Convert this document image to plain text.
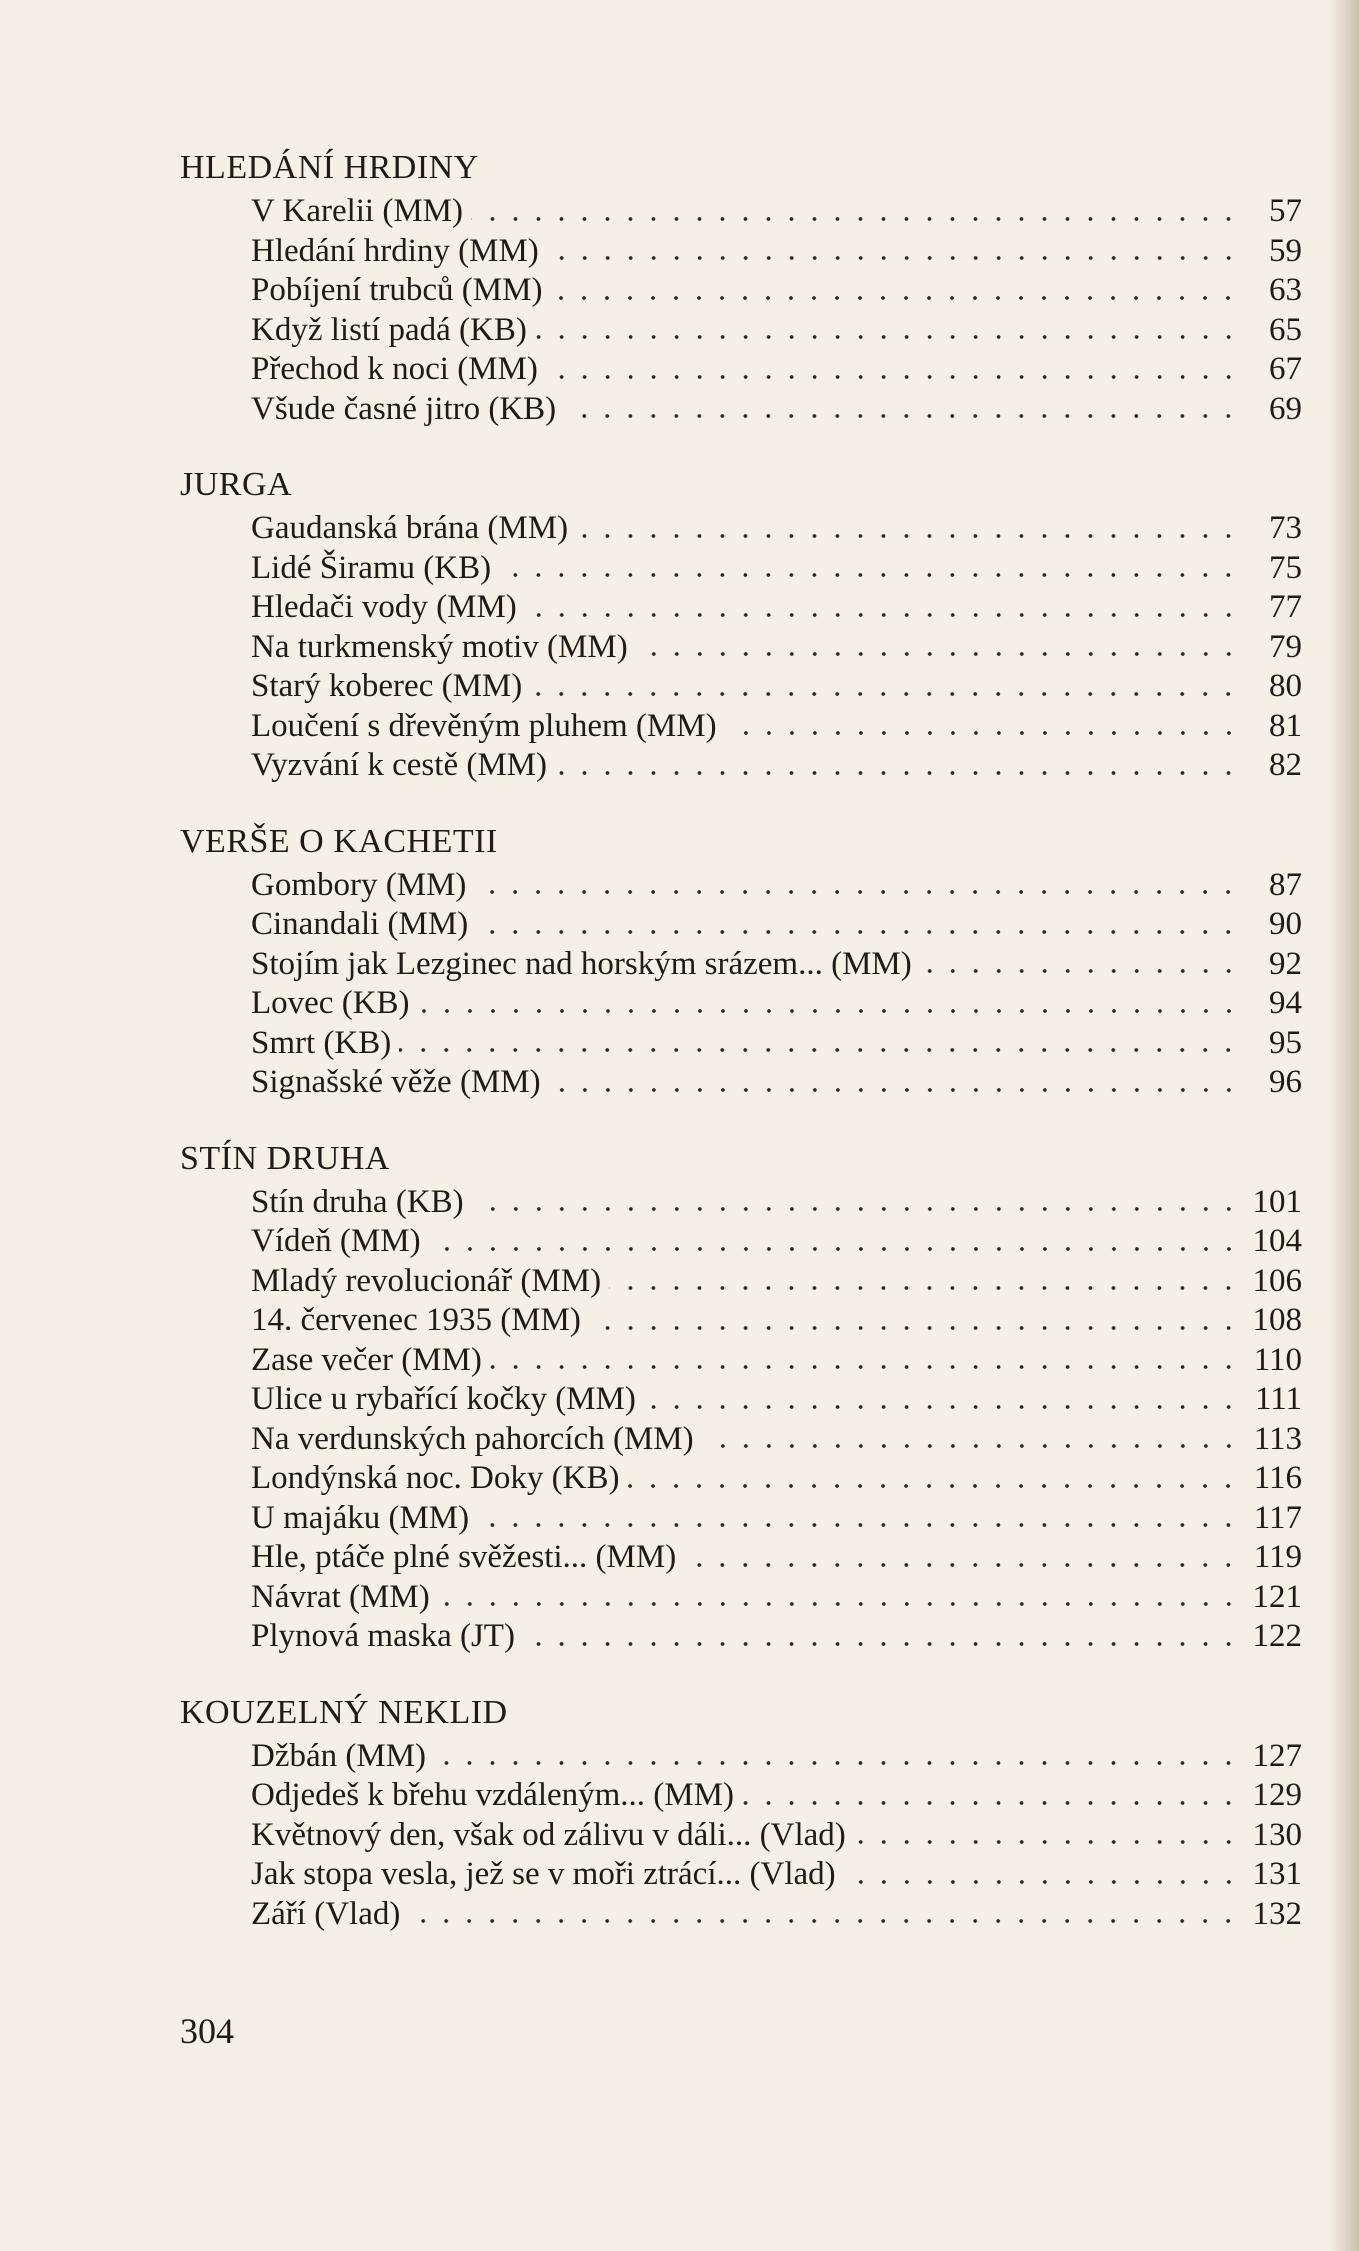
HLEDÁNÍ HRDINY
V Karelii (MM)	57
Hledání hrdiny (MM)	59
Pobíjení trubců (MM)	63
Když listí padá (KB)	65
Přechod k noci (MM)	67
Všude časné jitro (KB)	69
JURGA
Gaudanská brána (MM)	73
Lidé Širamu (KB)	75
Hledači vody (MM)	77
Na turkmenský motiv (MM)	79
Starý koberec (MM)	80
Loučení s dřevěným pluhem (MM)	81
Vyzvání k cestě (MM)	82
VERŠE O KACHETII
Gombory (MM)	87
Cinandali (MM)	90
Stojím jak Lezginec nad horským srázem... (MM)	92
Lovec (KB)	94
Smrt (KB)	95
Signašské věže (MM)	96
STÍN DRUHA
Stín druha (KB)	101
Vídeň (MM)	104
Mladý revolucionář (MM)	106
14. červenec 1935 (MM)	108
Zase večer (MM)	110
Ulice u rybařící kočky (MM)	111
Na verdunských pahorcích (MM)	113
Londýnská noc. Doky (KB)	116
U majáku (MM)	117
Hle, ptáče plné svěžesti... (MM)	119
Návrat (MM)	121
Plynová maska (JT)	122
KOUZELNÝ NEKLID
Džbán (MM)	127
Odjedeš k břehu vzdáleným... (MM)	129
Květnový den, však od zálivu v dáli... (Vlad)	130
Jak stopa vesla, jež se v moři ztrácí... (Vlad)	131
Září (Vlad)	132
304
